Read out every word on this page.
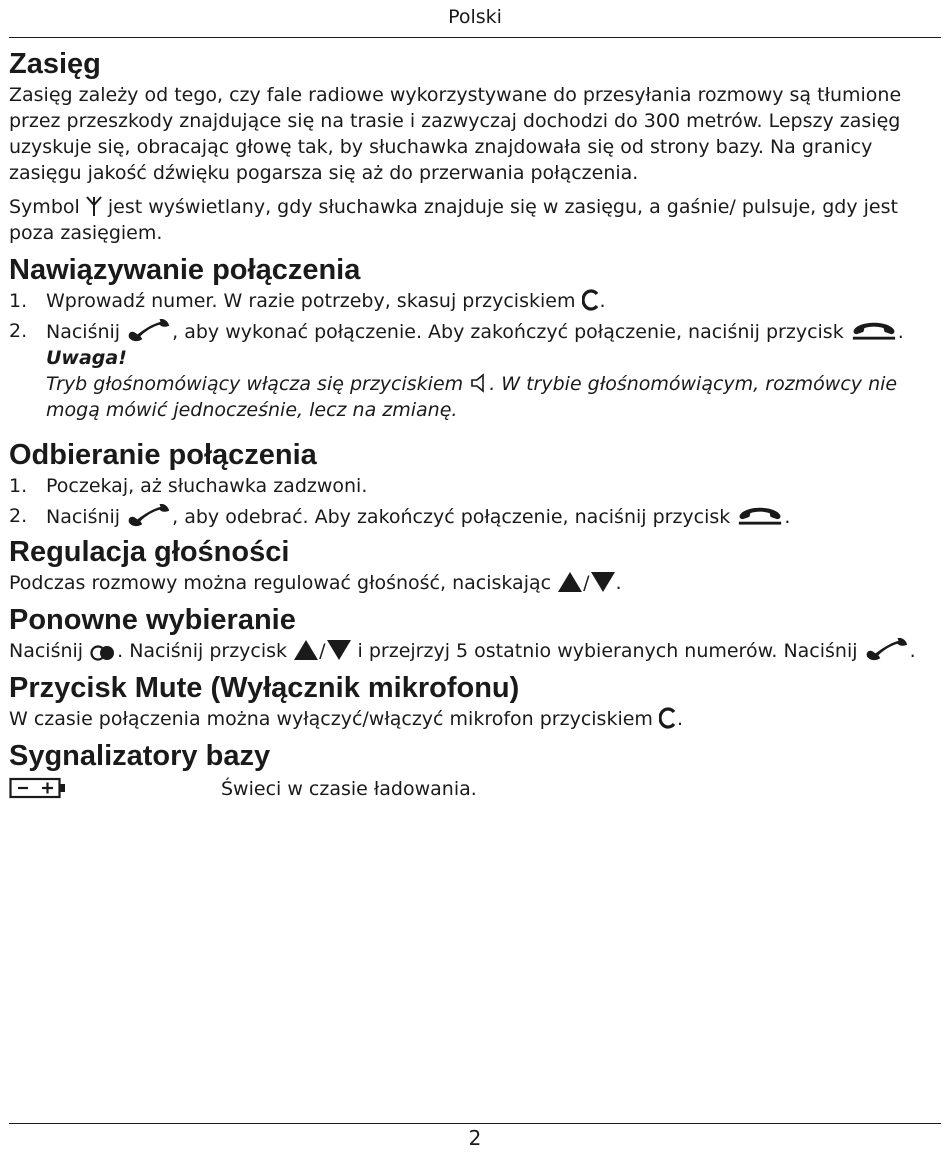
Polski
Zasięg

Zasięg zależy od tego, czy fale radiowe wykorzystywane do przesyłania rozmowy są tłumione przez przeszkody znajdujące się na trasie i zazwyczaj dochodzi do 300 metrów. Lepszy zasięg uzyskuje się, obracając głowę tak, by słuchawka znajdowała się od strony bazy. Na granicy zasięgu jakość dźwięku pogarsza się aż do przerwania połączenia.

Symbol  jest wyświetlany, gdy słuchawka znajduje się w zasięgu, a gaśnie/ pulsuje, gdy jest poza zasięgiem.

Nawiązywanie połączenia
1. Wprowadź numer. W razie potrzeby, skasuj przyciskiem .
2. Naciśnij , aby wykonać połączenie. Aby zakończyć połączenie, naciśnij przycisk	.
Uwaga!
Tryb głośnomówiący włącza się przyciskiem . W trybie głośnomówiącym, rozmówcy nie mogą mówić jednocześnie, lecz na zmianę.
Odbieranie połączenia
1. Poczekaj, aż słuchawka zadzwoni.
2. Naciśnij , aby odebrać. Aby zakończyć połączenie, naciśnij przycisk	.
Regulacja głośności

Podczas rozmowy można regulować głośność, naciskając / .

Ponowne wybieranie

Naciśnij . Naciśnij przycisk / i przejrzyj 5 ostatnio wybieranych numerów. Naciśnij .

Przycisk Mute (Wyłącznik mikrofonu)

W czasie połączenia można wyłączyć/włączyć mikrofon przyciskiem .

Sygnalizatory bazy
Świeci w czasie ładowania.
2
